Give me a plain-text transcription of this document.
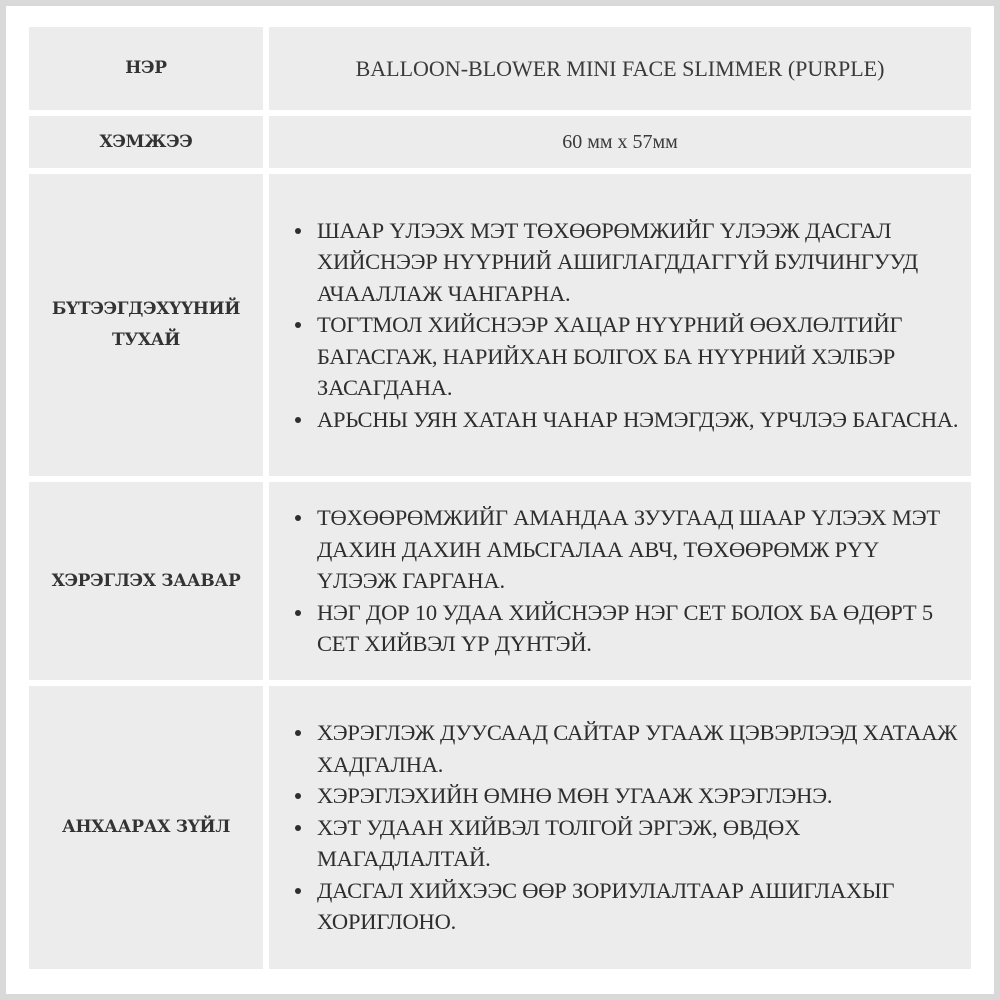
НЭР	BALLOON-BLOWER MINI FACE SLIMMER (PURPLE)
ХЭМЖЭЭ	60 мм х 57мм
БҮТЭЭГДЭХҮҮНИЙ ТУХАЙ
ШААР ҮЛЭЭХ МЭТ ТӨХӨӨРӨМЖИЙГ ҮЛЭЭЖ ДАСГАЛ ХИЙСНЭЭР НҮҮРНИЙ АШИГЛАГДДАГГҮЙ БУЛЧИНГУУД АЧААЛЛАЖ ЧАНГАРНА.
ТОГТМОЛ ХИЙСНЭЭР ХАЦАР НҮҮРНИЙ ӨӨХЛӨЛТИЙГ БАГАСГАЖ, НАРИЙХАН БОЛГОХ БА НҮҮРНИЙ ХЭЛБЭР ЗАСАГДАНА.
АРЬСНЫ УЯН ХАТАН ЧАНАР НЭМЭГДЭЖ, ҮРЧЛЭЭ БАГАСНА.
ХЭРЭГЛЭХ ЗААВАР
ТӨХӨӨРӨМЖИЙГ АМАНДАА ЗУУГААД ШААР ҮЛЭЭХ МЭТ ДАХИН ДАХИН АМЬСГАЛАА АВЧ, ТӨХӨӨРӨМЖ РҮҮ ҮЛЭЭЖ ГАРГАНА.
НЭГ ДОР 10 УДАА ХИЙСНЭЭР НЭГ СЕТ БОЛОХ БА ӨДӨРТ 5 СЕТ ХИЙВЭЛ ҮР ДҮНТЭЙ.
АНХААРАХ ЗҮЙЛ
ХЭРЭГЛЭЖ ДУУСААД САЙТАР УГААЖ ЦЭВЭРЛЭЭД ХАТААЖ ХАДГАЛНА.
ХЭРЭГЛЭХИЙН ӨМНӨ МӨН УГААЖ ХЭРЭГЛЭНЭ.
ХЭТ УДААН ХИЙВЭЛ ТОЛГОЙ ЭРГЭЖ, ӨВДӨХ МАГАДЛАЛТАЙ.
ДАСГАЛ ХИЙХЭЭС ӨӨР ЗОРИУЛАЛТААР АШИГЛАХЫГ ХОРИГЛОНО.
